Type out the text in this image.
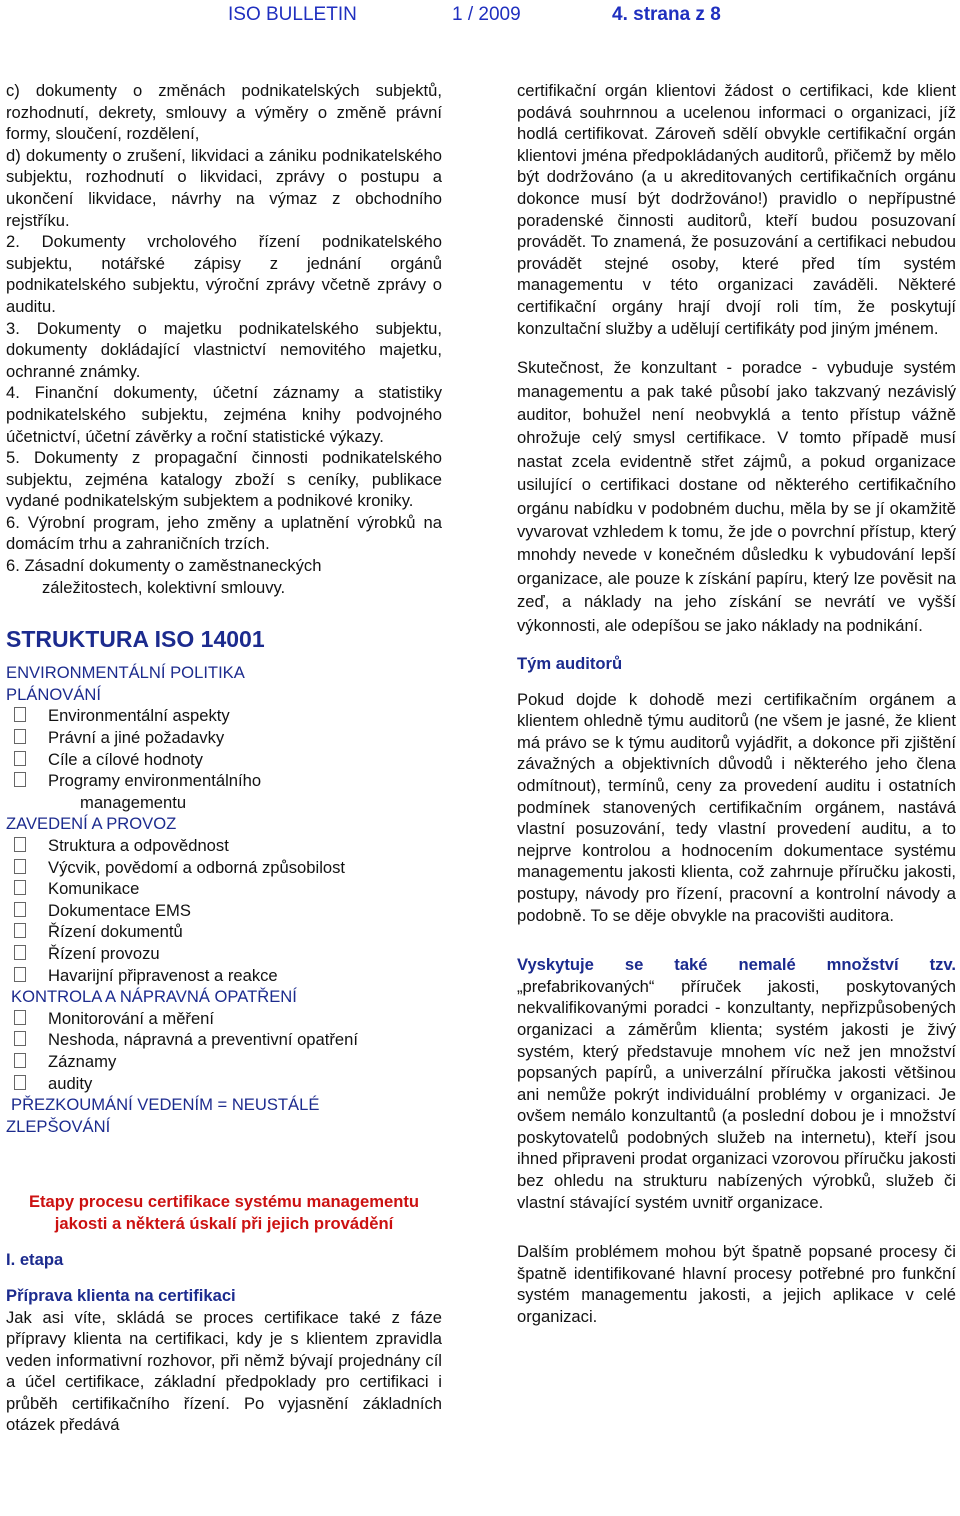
ISO BULLETIN	1 / 2009	4. strana z 8

c) dokumenty o změnách podnikatelských subjektů, rozhodnutí, dekrety, smlouvy a výměry o změně právní formy, sloučení, rozdělení,

d) dokumenty o zrušení, likvidaci a zániku podnikatelského subjektu, rozhodnutí o likvidaci, zprávy o postupu a ukončení likvidace, návrhy na výmaz z obchodního rejstříku.

2. Dokumenty vrcholového řízení podnikatelského subjektu, notářské zápisy z jednání orgánů podnikatelského subjektu, výroční zprávy včetně zprávy o auditu.

3. Dokumenty o majetku podnikatelského subjektu, dokumenty dokládající vlastnictví nemovitého majetku, ochranné známky.

4. Finanční dokumenty, účetní záznamy a statistiky podnikatelského subjektu, zejména knihy podvojného účetnictví, účetní závěrky a roční statistické výkazy.

5. Dokumenty z propagační činnosti podnikatelského subjektu, zejména katalogy zboží s ceníky, publikace vydané podnikatelským subjektem a podnikové kroniky.

6. Výrobní program, jeho změny a uplatnění výrobků na domácím trhu a zahraničních trzích.

6. Zásadní dokumenty o zaměstnaneckých
záležitostech, kolektivní smlouvy.

STRUKTURA ISO 14001

ENVIRONMENTÁLNÍ POLITIKA

PLÁNOVÁNÍ

Environmentální aspekty

Právní a jiné požadavky

Cíle a cílové hodnoty

Programy environmentálního

managementu

ZAVEDENÍ A PROVOZ

Struktura a odpovědnost

Výcvik, povědomí a odborná způsobilost

Komunikace

Dokumentace EMS

Řízení dokumentů

Řízení provozu

Havarijní připravenost a reakce

KONTROLA A NÁPRAVNÁ OPATŘENÍ

Monitorování a měření

Neshoda, nápravná a preventivní opatření

Záznamy

audity

PŘEZKOUMÁNÍ VEDENÍM = NEUSTÁLÉ

ZLEPŠOVÁNÍ

Etapy procesu certifikace systému managementu jakosti a některá úskalí při jejich provádění

I. etapa

Příprava klienta na certifikaci

Jak asi víte, skládá se proces certifikace také z fáze přípravy klienta na certifikaci, kdy je s klientem zpravidla veden informativní rozhovor, při němž bývají projednány cíl a účel certifikace, základní předpoklady pro certifikaci i průběh certifikačního řízení. Po vyjasnění základních otázek předává

certifikační orgán klientovi žádost o certifikaci, kde klient podává souhrnnou a ucelenou informaci o organizaci, jíž hodlá certifikovat. Zároveň sdělí obvykle certifikační orgán klientovi jména předpokládaných auditorů, přičemž by mělo být dodržováno (a u akreditovaných certifikačních orgánu dokonce musí být dodržováno!) pravidlo o nepřípustné poradenské činnosti auditorů, kteří budou posuzovaní provádět. To znamená, že posuzování a certifikaci nebudou provádět stejné osoby, které před tím systém managementu v této organizaci zaváděli. Některé certifikační orgány hrají dvojí roli tím, že poskytují konzultační služby a udělují certifikáty pod jiným jménem.

Skutečnost, že konzultant - poradce - vybuduje systém managementu a pak také působí jako takzvaný nezávislý auditor, bohužel není neobvyklá a tento přístup vážně ohrožuje celý smysl certifikace. V tomto případě musí nastat zcela evidentně střet zájmů, a pokud organizace usilující o certifikaci dostane od některého certifikačního orgánu nabídku v podobném duchu, měla by se jí okamžitě vyvarovat vzhledem k tomu, že jde o povrchní přístup, který mnohdy nevede v konečném důsledku k vybudování lepší organizace, ale pouze k získání papíru, který lze pověsit na zeď, a náklady na jeho získání se nevrátí ve vyšší výkonnosti, ale odepíšou se jako náklady na podnikání.

Tým auditorů

Pokud dojde k dohodě mezi certifikačním orgánem a klientem ohledně týmu auditorů (ne všem je jasné, že klient má právo se k týmu auditorů vyjádřit, a dokonce při zjištění závažných a objektivních důvodů i některého jeho člena odmítnout), termínů, ceny za provedení auditu i ostatních podmínek stanovených certifikačním orgánem, nastává vlastní posuzování, tedy vlastní provedení auditu, a to nejprve kontrolou a hodnocením dokumentace systému managementu jakosti klienta, což zahrnuje příručku jakosti, postupy, návody pro řízení, pracovní a kontrolní návody a podobně. To se děje obvykle na pracovišti auditora.

Vyskytuje se také nemalé množství tzv. „prefabrikovaných“ příruček jakosti, poskytovaných nekvalifikovanými poradci - konzultanty, nepřizpůsobených organizaci a záměrům klienta; systém jakosti je živý systém, který představuje mnohem víc než jen množství popsaných papírů, a univerzální příručka jakosti většinou ani nemůže pokrýt individuální problémy v organizaci. Je ovšem nemálo konzultantů (a poslední dobou je i množství poskytovatelů podobných služeb na internetu), kteří jsou ihned připraveni prodat organizaci vzorovou příručku jakosti bez ohledu na strukturu nabízených výrobků, služeb či vlastní stávající systém uvnitř organizace.

Dalším problémem mohou být špatně popsané procesy či špatně identifikované hlavní procesy potřebné pro funkční systém managementu jakosti, a jejich aplikace v celé organizaci.
